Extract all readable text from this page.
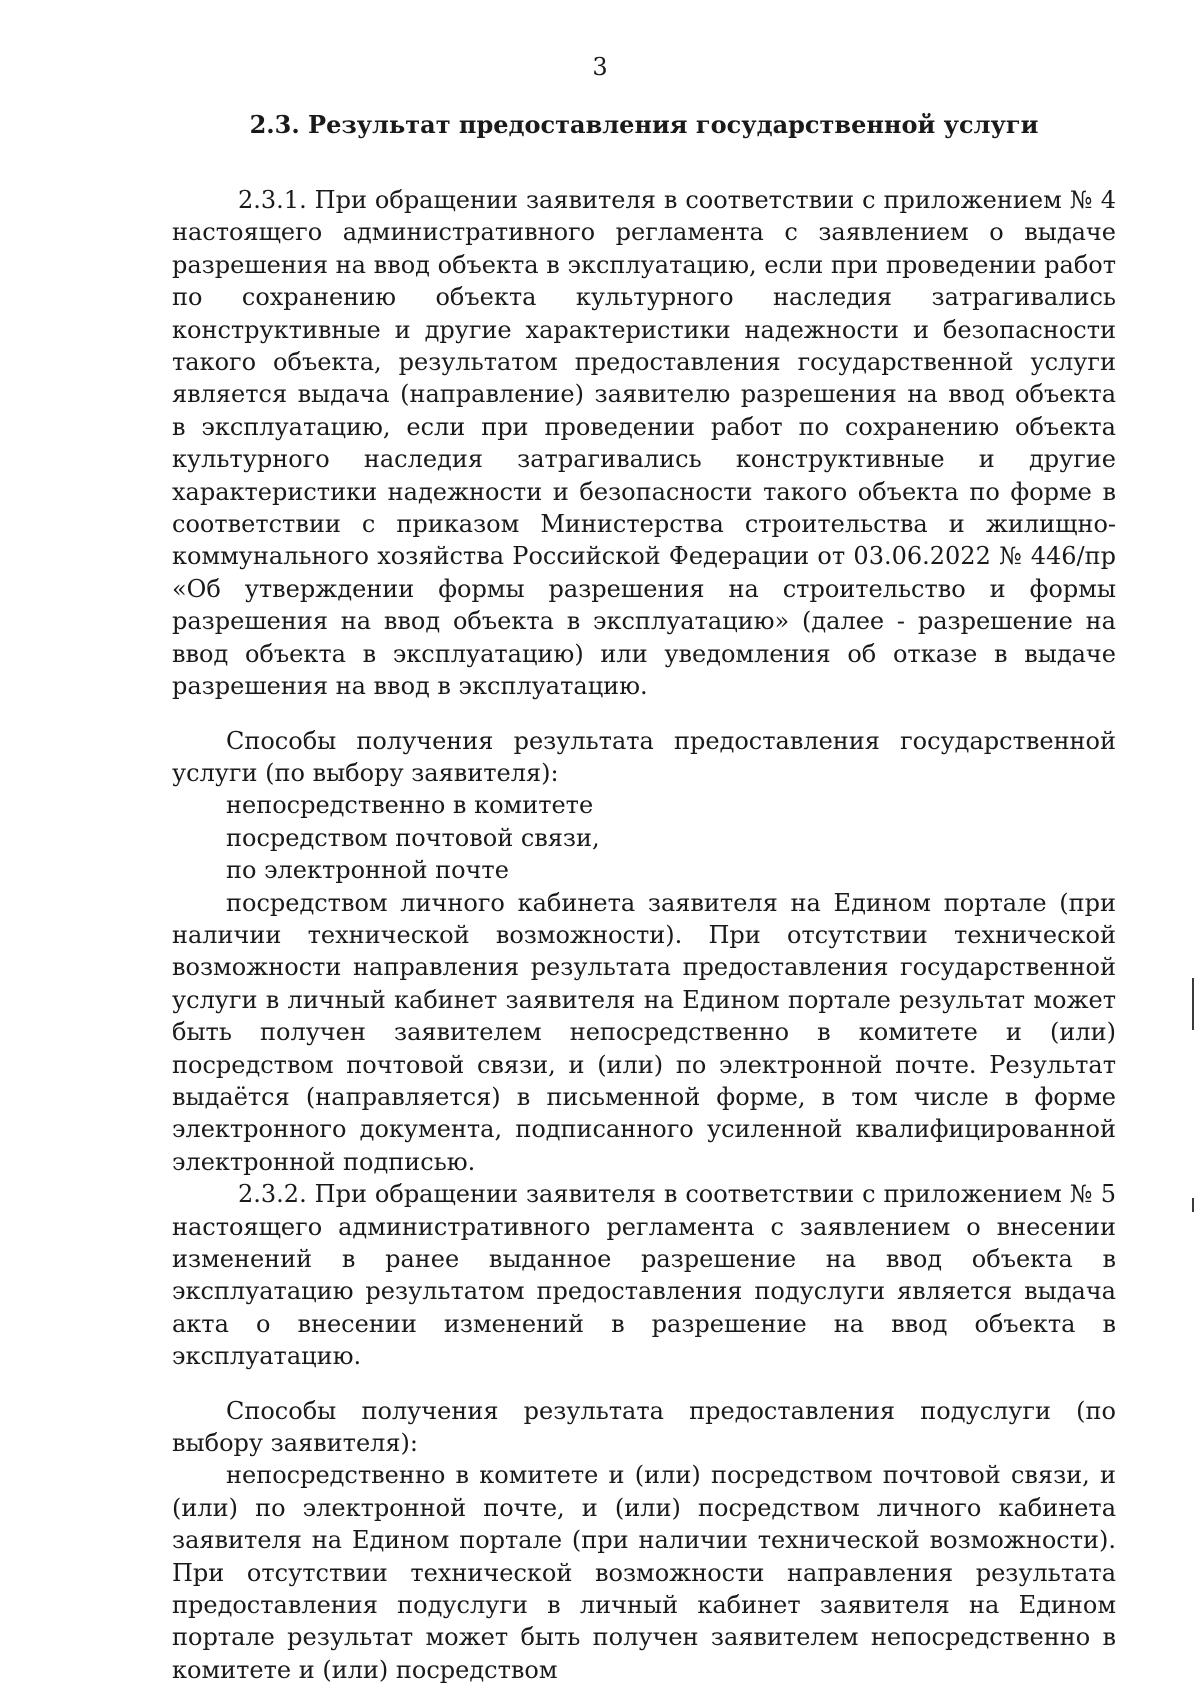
3
2.3. Результат предоставления государственной услуги

2.3.1. При обращении заявителя в соответствии с приложением № 4 настоящего административного регламента с заявлением о выдаче разрешения на ввод объекта в эксплуатацию, если при проведении работ по сохранению объекта культурного наследия затрагивались конструктивные и другие характеристики надежности и безопасности такого объекта, результатом предоставления государственной услуги является выдача (направление) заявителю разрешения на ввод объекта в эксплуатацию, если при проведении работ по сохранению объекта культурного наследия затрагивались конструктивные и другие характеристики надежности и безопасности такого объекта по форме в соответствии с приказом Министерства строительства и жилищно-коммунального хозяйства Российской Федерации от 03.06.2022 № 446/пр «Об утверждении формы разрешения на строительство и формы разрешения на ввод объекта в эксплуатацию» (далее - разрешение на ввод объекта в эксплуатацию) или уведомления об отказе в выдаче разрешения на ввод в эксплуатацию.

Способы получения результата предоставления государственной услуги (по выбору заявителя):

непосредственно в комитете

посредством почтовой связи,

по электронной почте

посредством личного кабинета заявителя на Едином портале (при наличии технической возможности). При отсутствии технической возможности направления результата предоставления государственной услуги в личный кабинет заявителя на Едином портале результат может быть получен заявителем непосредственно в комитете и (или) посредством почтовой связи, и (или) по электронной почте. Результат выдаётся (направляется) в письменной форме, в том числе в форме электронного документа, подписанного усиленной квалифицированной электронной подписью.

2.3.2. При обращении заявителя в соответствии с приложением № 5 настоящего административного регламента с заявлением о внесении изменений в ранее выданное разрешение на ввод объекта в эксплуатацию результатом предоставления подуслуги является выдача акта о внесении изменений в разрешение на ввод объекта в эксплуатацию.

Способы получения результата предоставления подуслуги (по выбору заявителя):

непосредственно в комитете и (или) посредством почтовой связи, и (или) по электронной почте, и (или) посредством личного кабинета заявителя на Едином портале (при наличии технической возможности). При отсутствии технической возможности направления результата предоставления подуслуги в личный кабинет заявителя на Едином портале результат может быть получен заявителем непосредственно в комитете и (или) посредством
